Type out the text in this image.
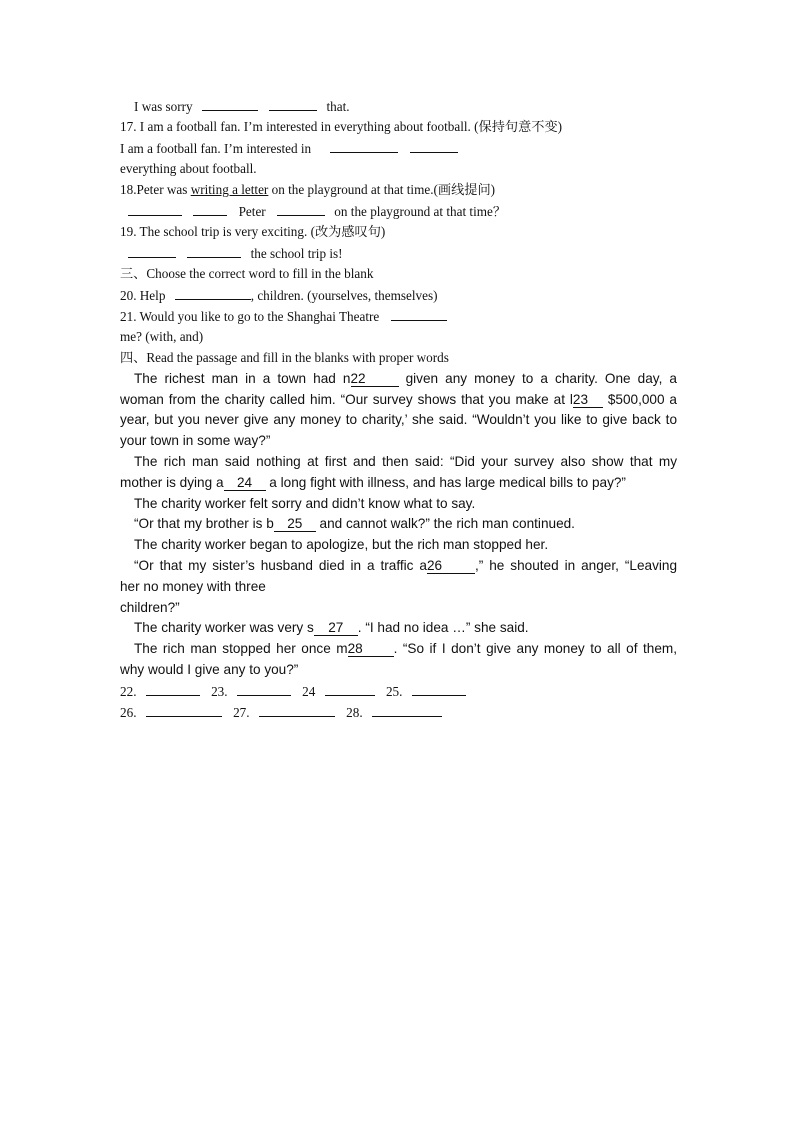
I was sorry	that.
17. I am a football fan. I’m interested in everything about football. (保持句意不变)
I am a football fan. I’m interested in
everything about football.
18.Peter was writing a letter on the playground at that time.(画线提问)
Peter	on the playground at that time？
19. The school trip is very exciting. (改为感叹句)
the school trip is!
三、Choose the correct word to fill in the blank
20. Help	, children. (yourselves, themselves)
21. Would you like to go to the Shanghai Theatre
me? (with, and)
四、Read the passage and fill in the blanks with proper words
The richest man in a town had n22	given any money to a charity. One day, a
woman from the charity called him. “Our survey shows that you make at l23 $500,000 a
year, but you never give any money to charity,’ she said. “Wouldn’t you like to give back to
your town in some way?”
The rich man said nothing at first and then said: “Did your survey also show that my
mother is dying a 24 a long fight with illness, and has large medical bills to pay?”
The charity worker felt sorry and didn’t know what to say.
“Or that my brother is b 25 and cannot walk?” the rich man continued.
The charity worker began to apologize, but the rich man stopped her.
“Or that my sister’s husband died in a traffic a26 ,” he shouted in anger, “Leaving
her no money with three
children?”
The charity worker was very s 27 . “I had no idea …” she said.
The rich man stopped her once m28 . “So if I don’t give any money to all of them,
why would I give any to you?”
22.	23.	24	25.
26.	27.	28.
